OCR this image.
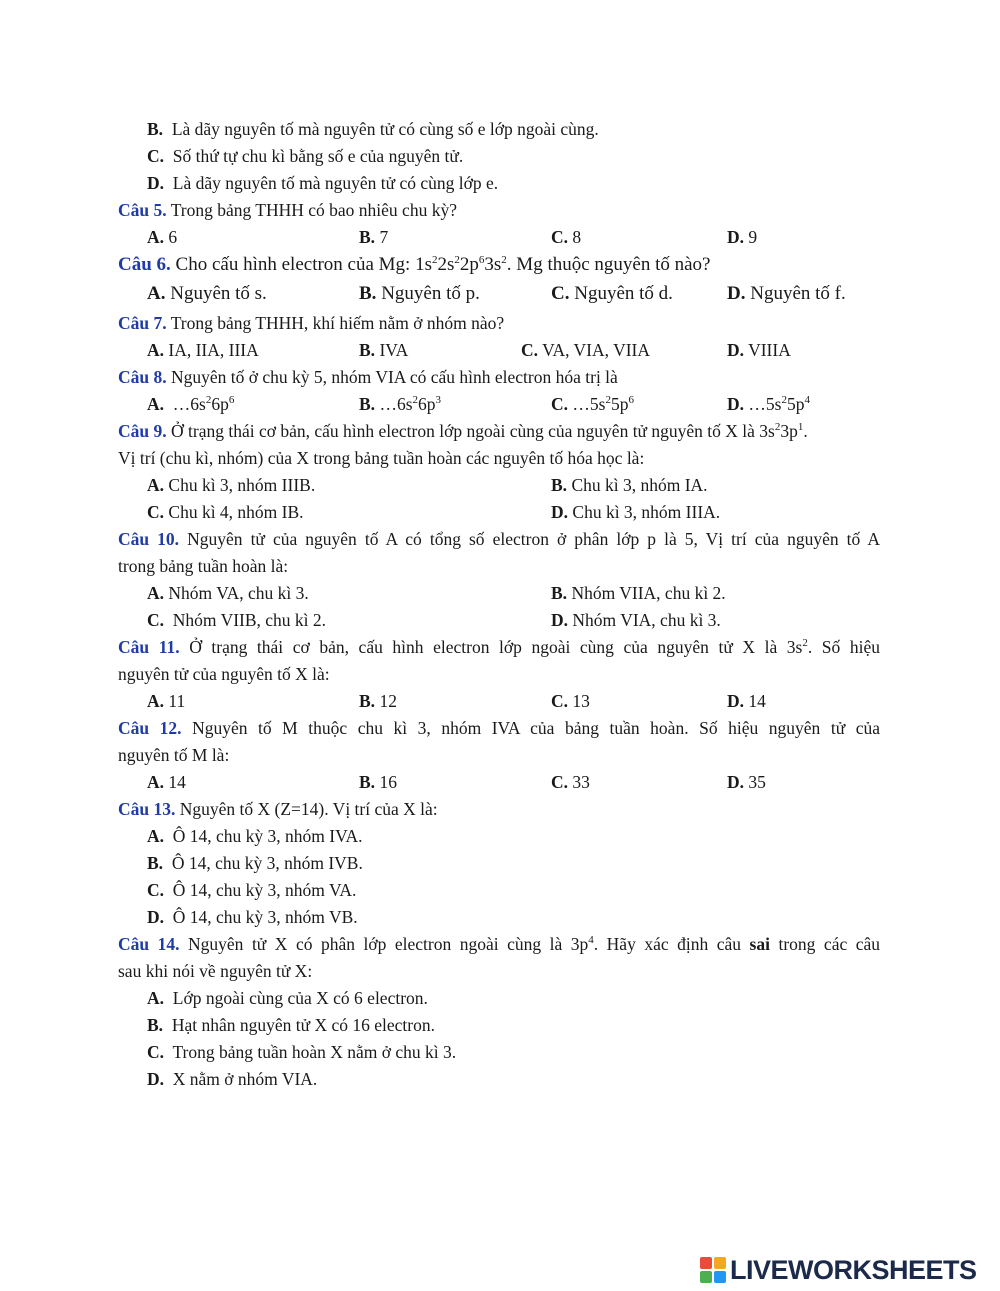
B. Là dãy nguyên tố mà nguyên tử có cùng số e lớp ngoài cùng.
C. Số thứ tự chu kì bằng số e của nguyên tử.
D. Là dãy nguyên tố mà nguyên tử có cùng lớp e.
Câu 5. Trong bảng THHH có bao nhiêu chu kỳ?
A. 6	B. 7	C. 8	D. 9
Câu 6. Cho cấu hình electron của Mg: $1s^22s^22p^63s^2$. Mg thuộc nguyên tố nào?
A. Nguyên tố s.	B. Nguyên tố p.	C. Nguyên tố d.	D. Nguyên tố f.
Câu 7. Trong bảng THHH, khí hiếm nằm ở nhóm nào?
A. IA, IIA, IIIA	B. IVA	C. VA, VIA, VIIA	D. VIIIA
Câu 8. Nguyên tố ở chu kỳ 5, nhóm VIA có cấu hình electron hóa trị là
A.  $\dots 6s^26p^6$	B. $\dots 6s^26p^3$	C. $\dots 5s^25p^6$	D. $\dots 5s^25p^4$
Câu 9. Ở trạng thái cơ bản, cấu hình electron lớp ngoài cùng của nguyên tử nguyên tố X là $3s^23p^1$.
Vị trí (chu kì, nhóm) của X trong bảng tuần hoàn các nguyên tố hóa học là:
A. Chu kì 3, nhóm IIIB.	B. Chu kì 3, nhóm IA.
C. Chu kì 4, nhóm IB.	D. Chu kì 3, nhóm IIIA.
Câu 10. Nguyên tử của nguyên tố A có tổng số electron ở phân lớp p là 5, Vị trí của nguyên tố A
trong bảng tuần hoàn là:
A. Nhóm VA, chu kì 3.	B. Nhóm VIIA, chu kì 2.
C. Nhóm VIIB, chu kì 2.	D. Nhóm VIA, chu kì 3.
Câu 11. Ở trạng thái cơ bản, cấu hình electron lớp ngoài cùng của nguyên tử X là $3s^2$. Số hiệu
nguyên tử của nguyên tố X là:
A. 11	B. 12	C. 13	D. 14
Câu 12. Nguyên tố M thuộc chu kì 3, nhóm IVA của bảng tuần hoàn. Số hiệu nguyên tử của
nguyên tố M là:
A. 14	B. 16	C. 33	D. 35
Câu 13. Nguyên tố X (Z=14). Vị trí của X là:
A. Ô 14, chu kỳ 3, nhóm IVA.
B. Ô 14, chu kỳ 3, nhóm IVB.
C. Ô 14, chu kỳ 3, nhóm VA.
D. Ô 14, chu kỳ 3, nhóm VB.
Câu 14. Nguyên tử X có phân lớp electron ngoài cùng là $3p^4$. Hãy xác định câu sai trong các câu
sau khi nói về nguyên tử X:
A. Lớp ngoài cùng của X có 6 electron.
B. Hạt nhân nguyên tử X có 16 electron.
C. Trong bảng tuần hoàn X nằm ở chu kì 3.
D. X nằm ở nhóm VIA.
LIVEWORKSHEETS
